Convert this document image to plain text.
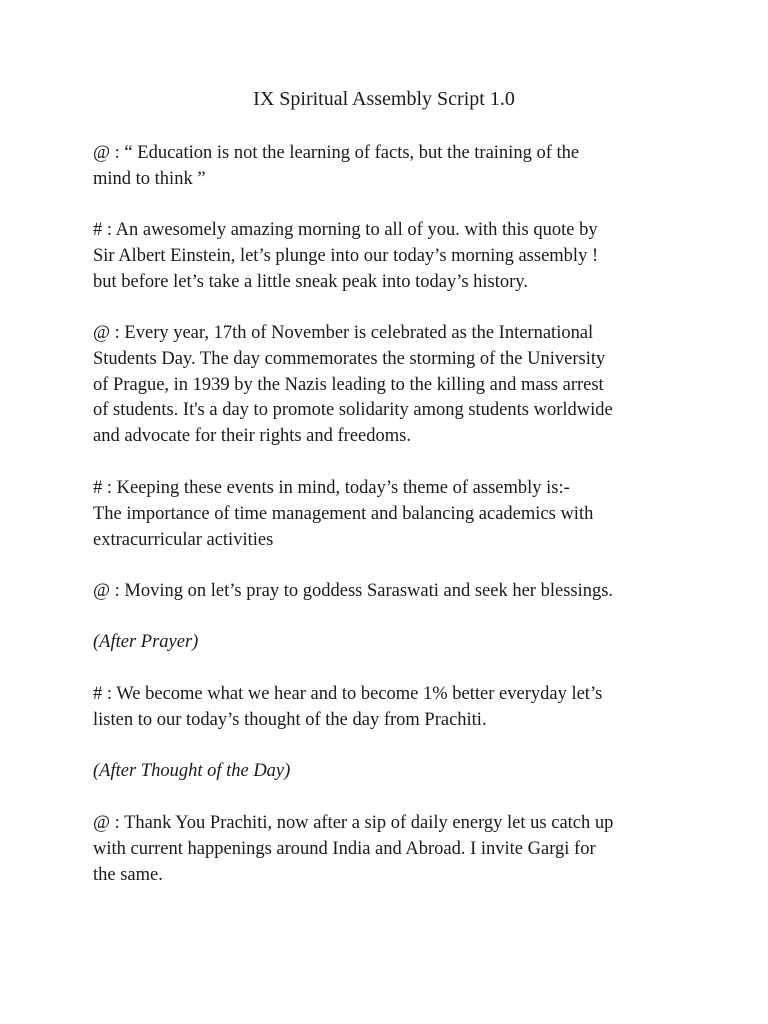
IX Spiritual Assembly Script 1.0

@ : “ Education is not the learning of facts, but the training of the
mind to think ”

# : An awesomely amazing morning to all of you. with this quote by
Sir Albert Einstein, let’s plunge into our today’s morning assembly !
but before let’s take a little sneak peak into today’s history.

@ : Every year, 17th of November is celebrated as the International
Students Day. The day commemorates the storming of the University
of Prague, in 1939 by the Nazis leading to the killing and mass arrest
of students. It's a day to promote solidarity among students worldwide
and advocate for their rights and freedoms.

# : Keeping these events in mind, today’s theme of assembly is:-
The importance of time management and balancing academics with
extracurricular activities

@ : Moving on let’s pray to goddess Saraswati and seek her blessings.

(After Prayer)

# : We become what we hear and to become 1% better everyday let’s
listen to our today’s thought of the day from Prachiti.

(After Thought of the Day)

@ : Thank You Prachiti, now after a sip of daily energy let us catch up
with current happenings around India and Abroad. I invite Gargi for
the same.
